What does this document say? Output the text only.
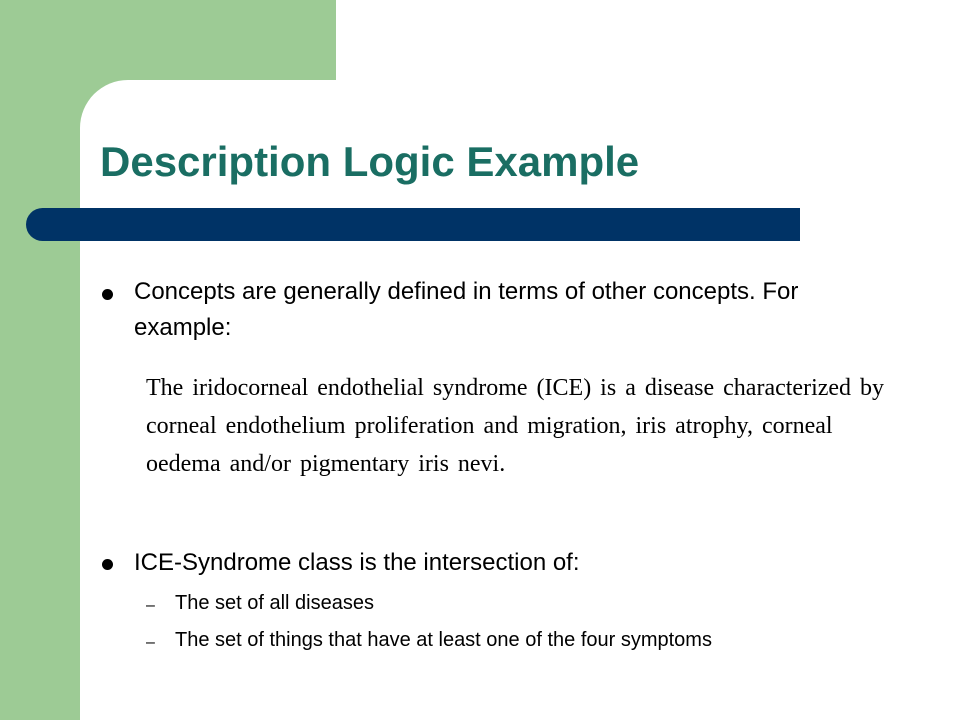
Description Logic Example
Concepts are generally defined in terms of other concepts. For example:
The iridocorneal endothelial syndrome (ICE) is a disease characterized by corneal endothelium proliferation and migration, iris atrophy, corneal oedema and/or pigmentary iris nevi.
ICE-Syndrome class is the intersection of:
– The set of all diseases
– The set of things that have at least one of the four symptoms
